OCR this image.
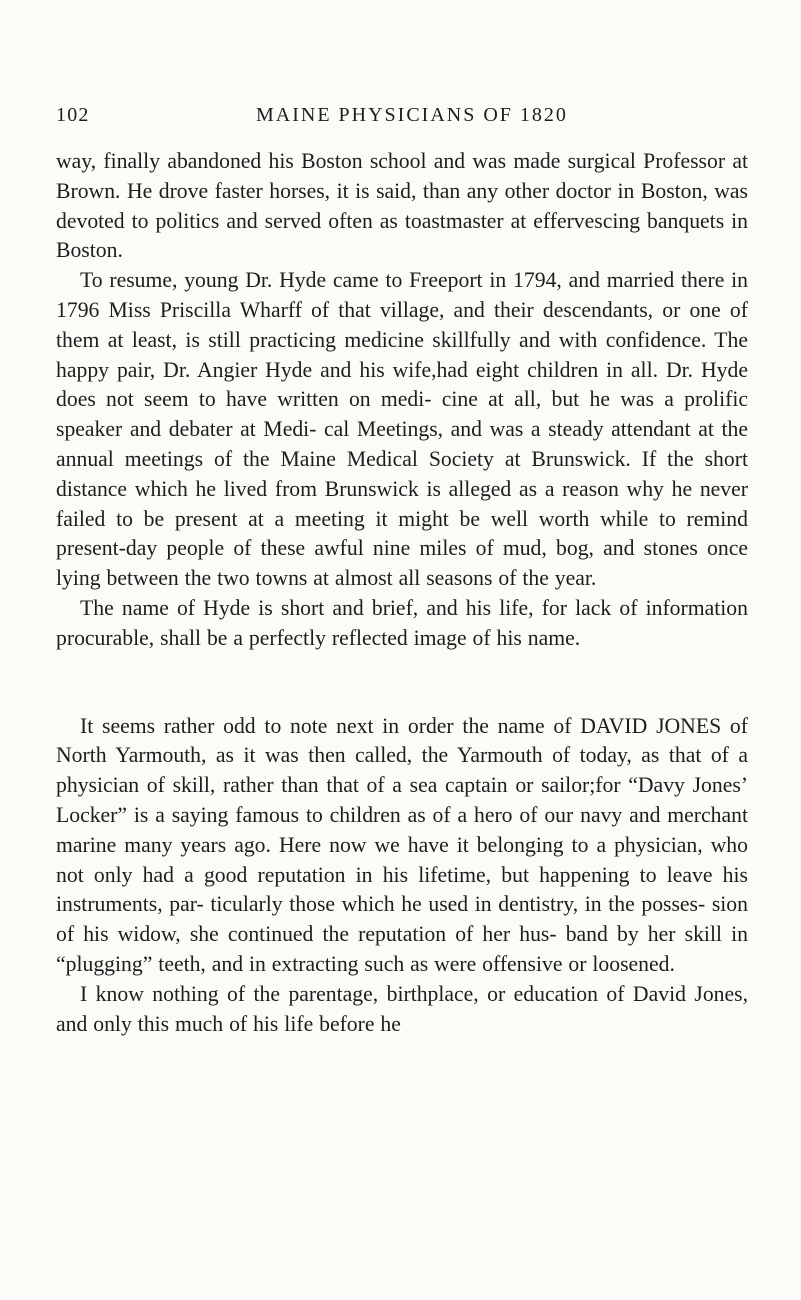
102	MAINE PHYSICIANS OF 1820

way, finally abandoned his Boston school and was made surgical Professor at Brown. He drove faster horses, it is said, than any other doctor in Boston, was devoted to politics and served often as toastmaster at effervescing banquets in Boston.

To resume, young Dr. Hyde came to Freeport in 1794, and married there in 1796 Miss Priscilla Wharff of that village, and their descendants, or one of them at least, is still practicing medicine skillfully and with confidence. The happy pair, Dr. Angier Hyde and his wife,had eight children in all. Dr. Hyde does not seem to have written on medi- cine at all, but he was a prolific speaker and debater at Medi- cal Meetings, and was a steady attendant at the annual meetings of the Maine Medical Society at Brunswick. If the short distance which he lived from Brunswick is alleged as a reason why he never failed to be present at a meeting it might be well worth while to remind present-day people of these awful nine miles of mud, bog, and stones once lying between the two towns at almost all seasons of the year.

The name of Hyde is short and brief, and his life, for lack of information procurable, shall be a perfectly reflected image of his name.

It seems rather odd to note next in order the name of DAVID JONES of North Yarmouth, as it was then called, the Yarmouth of today, as that of a physician of skill, rather than that of a sea captain or sailor;for “Davy Jones’ Locker” is a saying famous to children as of a hero of our navy and merchant marine many years ago. Here now we have it belonging to a physician, who not only had a good reputation in his lifetime, but happening to leave his instruments, par- ticularly those which he used in dentistry, in the posses- sion of his widow, she continued the reputation of her hus- band by her skill in “plugging” teeth, and in extracting such as were offensive or loosened.

I know nothing of the parentage, birthplace, or education of David Jones, and only this much of his life before he
